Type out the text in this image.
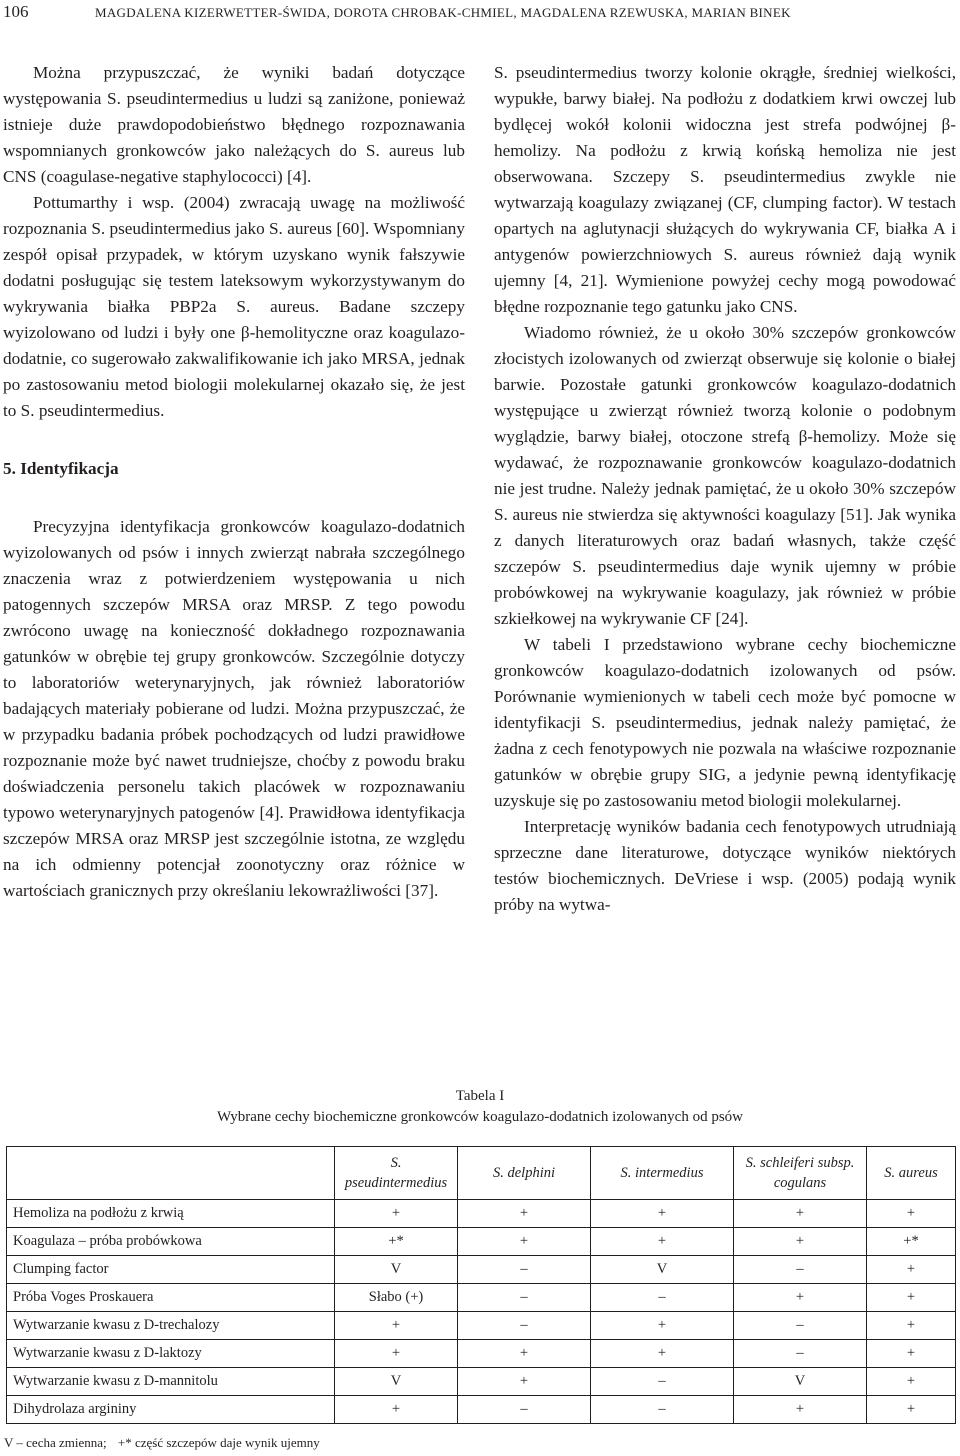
106	MAGDALENA KIZERWETTER-ŚWIDA, DOROTA CHROBAK-CHMIEL, MAGDALENA RZEWUSKA, MARIAN BINEK

Można przypuszczać, że wyniki badań dotyczące występowania S. pseudintermedius u ludzi są zaniżone, ponieważ istnieje duże prawdopodobieństwo błędnego rozpoznawania wspomnianych gronkowców jako należących do S. aureus lub CNS (coagulase-negative staphylococci) [4].

Pottumarthy i wsp. (2004) zwracają uwagę na możliwość rozpoznania S. pseudintermedius jako S. aureus [60]. Wspomniany zespół opisał przypadek, w którym uzyskano wynik fałszywie dodatni posługując się testem lateksowym wykorzystywanym do wykrywania białka PBP2a S. aureus. Badane szczepy wyizolowano od ludzi i były one β-hemolityczne oraz koagulazo-dodatnie, co sugerowało zakwalifikowanie ich jako MRSA, jednak po zastosowaniu metod biologii molekularnej okazało się, że jest to S. pseudintermedius.

5. Identyfikacja

Precyzyjna identyfikacja gronkowców koagulazo-dodatnich wyizolowanych od psów i innych zwierząt nabrała szczególnego znaczenia wraz z potwierdzeniem występowania u nich patogennych szczepów MRSA oraz MRSP. Z tego powodu zwrócono uwagę na konieczność dokładnego rozpoznawania gatunków w obrębie tej grupy gronkowców. Szczególnie dotyczy to laboratoriów weterynaryjnych, jak również laboratoriów badających materiały pobierane od ludzi. Można przypuszczać, że w przypadku badania próbek pochodzących od ludzi prawidłowe rozpoznanie może być nawet trudniejsze, choćby z powodu braku doświadczenia personelu takich placówek w rozpoznawaniu typowo weterynaryjnych patogenów [4]. Prawidłowa identyfikacja szczepów MRSA oraz MRSP jest szczególnie istotna, ze względu na ich odmienny potencjał zoonotyczny oraz różnice w wartościach granicznych przy określaniu lekowrażliwości [37].

S. pseudintermedius tworzy kolonie okrągłe, średniej wielkości, wypukłe, barwy białej. Na podłożu z dodatkiem krwi owczej lub bydlęcej wokół kolonii widoczna jest strefa podwójnej β-hemolizy. Na podłożu z krwią końską hemoliza nie jest obserwowana. Szczepy S. pseudintermedius zwykle nie wytwarzają koagulazy związanej (CF, clumping factor). W testach opartych na aglutynacji służących do wykrywania CF, białka A i antygenów powierzchniowych S. aureus również dają wynik ujemny [4, 21]. Wymienione powyżej cechy mogą powodować błędne rozpoznanie tego gatunku jako CNS.

Wiadomo również, że u około 30% szczepów gronkowców złocistych izolowanych od zwierząt obserwuje się kolonie o białej barwie. Pozostałe gatunki gronkowców koagulazo-dodatnich występujące u zwierząt również tworzą kolonie o podobnym wyglądzie, barwy białej, otoczone strefą β-hemolizy. Może się wydawać, że rozpoznawanie gronkowców koagulazo-dodatnich nie jest trudne. Należy jednak pamiętać, że u około 30% szczepów S. aureus nie stwierdza się aktywności koagulazy [51]. Jak wynika z danych literaturowych oraz badań własnych, także część szczepów S. pseudintermedius daje wynik ujemny w próbie probówkowej na wykrywanie koagulazy, jak również w próbie szkiełkowej na wykrywanie CF [24].

W tabeli I przedstawiono wybrane cechy biochemiczne gronkowców koagulazo-dodatnich izolowanych od psów. Porównanie wymienionych w tabeli cech może być pomocne w identyfikacji S. pseudintermedius, jednak należy pamiętać, że żadna z cech fenotypowych nie pozwala na właściwe rozpoznanie gatunków w obrębie grupy SIG, a jedynie pewną identyfikację uzyskuje się po zastosowaniu metod biologii molekularnej.

Interpretację wyników badania cech fenotypowych utrudniają sprzeczne dane literaturowe, dotyczące wyników niektórych testów biochemicznych. DeVriese i wsp. (2005) podają wynik próby na wytwa-

Tabela I
Wybrane cechy biochemiczne gronkowców koagulazo-dodatnich izolowanych od psów
	S. pseudintermedius	S. delphini	S. intermedius	S. schleiferi subsp. cogulans	S. aureus
Hemoliza na podłożu z krwią	+	+	+	+	+
Koagulaza – próba probówkowa	+*	+	+	+	+*
Clumping factor	V	–	V	–	+
Próba Voges Proskauera	Słabo (+)	–	–	+	+
Wytwarzanie kwasu z D-trechalozy	+	–	+	–	+
Wytwarzanie kwasu z D-laktozy	+	+	+	–	+
Wytwarzanie kwasu z D-mannitolu	V	+	–	V	+
Dihydrolaza argininy	+	–	–	+	+
V – cecha zmienna; +* część szczepów daje wynik ujemny
